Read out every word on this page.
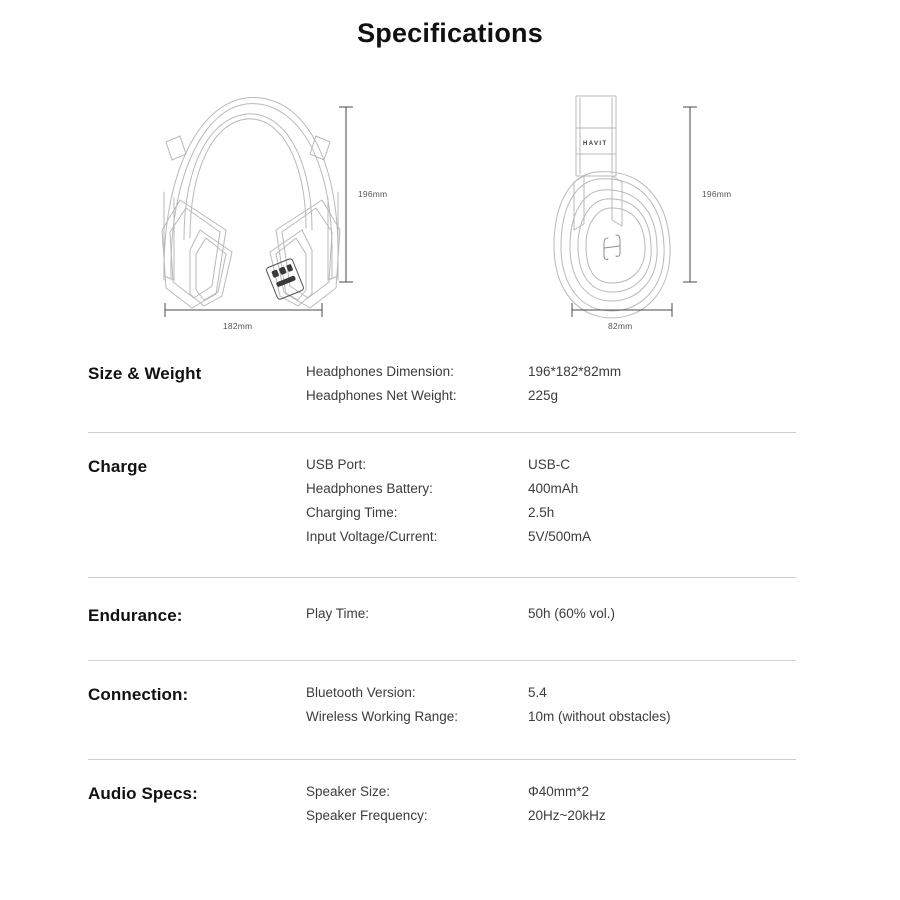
Specifications
196mm
182mm
HAVIT
196mm
82mm
Size & Weight	Headphones Dimension:	196*182*82mm
Headphones Net Weight:	225g
Charge	USB Port:	USB-C
Headphones Battery:	400mAh
Charging Time:	2.5h
Input Voltage/Current:	5V/500mA
Endurance:	Play Time:	50h (60% vol.)
Connection:	Bluetooth Version:	5.4
Wireless Working Range:	10m (without obstacles)
Audio Specs:	Speaker Size:	Φ40mm*2
Speaker Frequency:	20Hz~20kHz
